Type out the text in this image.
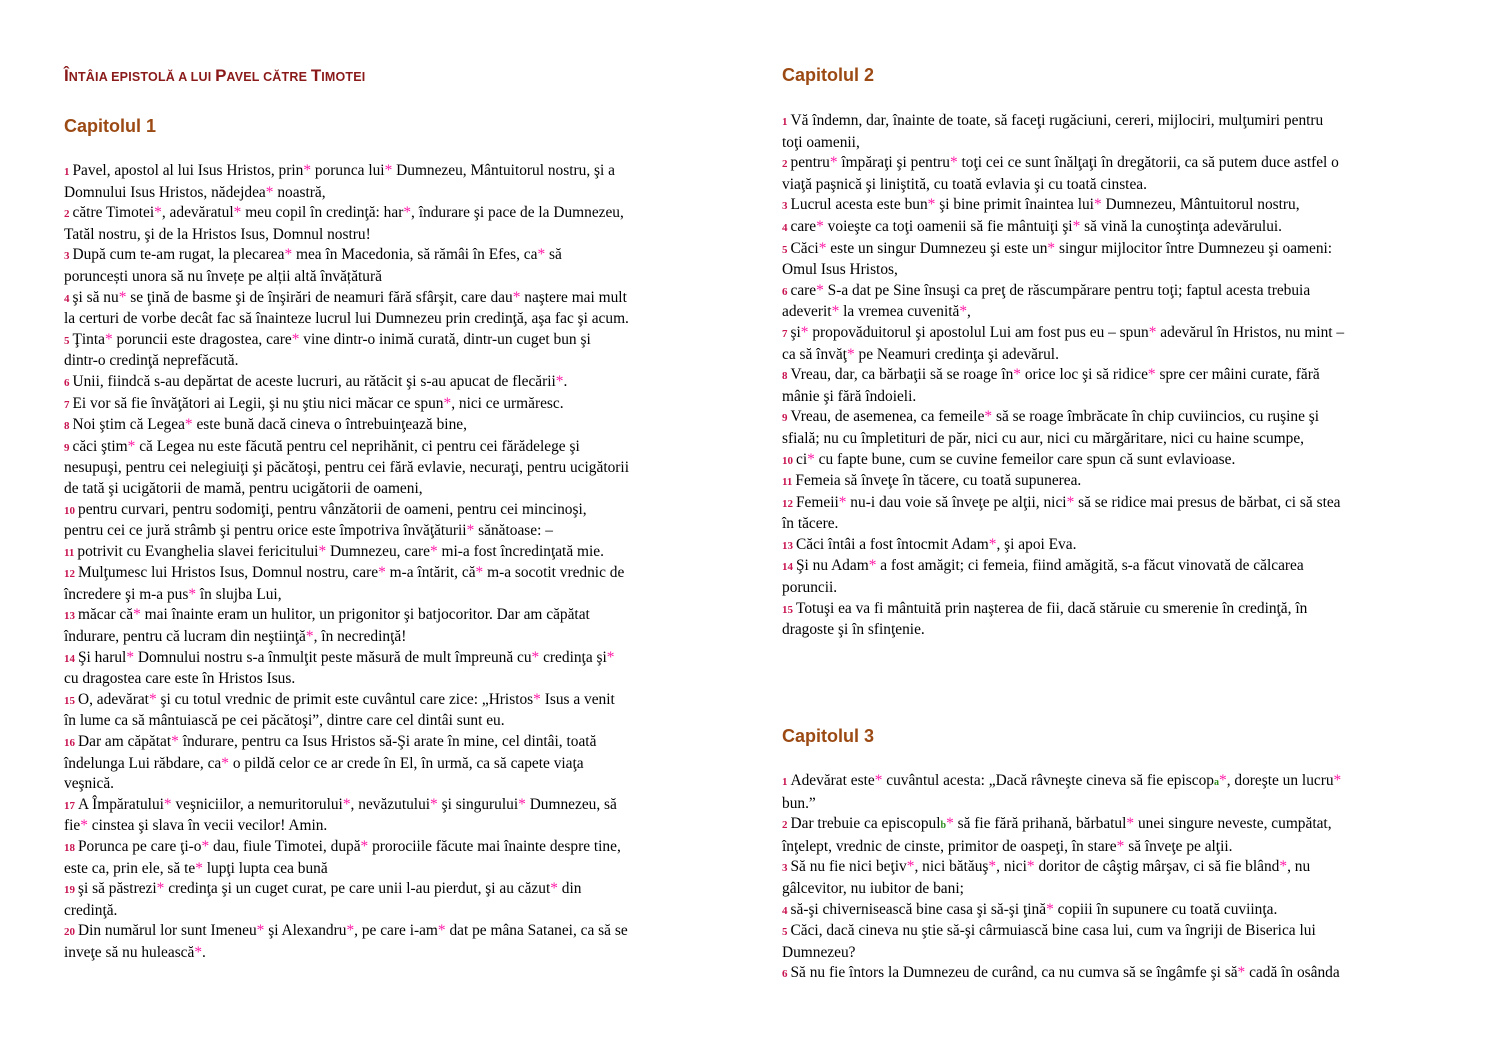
ÎNTÂIA EPISTOLĂ A LUI PAVEL CĂTRE TIMOTEI
Capitolul 1

1 Pavel, apostol al lui Isus Hristos, prin* porunca lui* Dumnezeu, Mântuitorul nostru, şi a
Domnului Isus Hristos, nădejdea* noastră,

2 către Timotei*, adevăratul* meu copil în credinţă: har*, îndurare şi pace de la Dumnezeu,
Tatăl nostru, şi de la Hristos Isus, Domnul nostru!

3 După cum te-am rugat, la plecarea* mea în Macedonia, să rămâi în Efes, ca* să
poruncești unora să nu învețe pe alții altă învățătură

4 şi să nu* se ţină de basme şi de înşirări de neamuri fără sfârşit, care dau* naştere mai mult
la certuri de vorbe decât fac să înainteze lucrul lui Dumnezeu prin credinţă, aşa fac şi acum.

5 Ţinta* poruncii este dragostea, care* vine dintr-o inimă curată, dintr-un cuget bun şi
dintr-o credinţă neprefăcută.

6 Unii, fiindcă s-au depărtat de aceste lucruri, au rătăcit şi s-au apucat de flecării*.

7 Ei vor să fie învăţători ai Legii, şi nu ştiu nici măcar ce spun*, nici ce urmăresc.

8 Noi ştim că Legea* este bună dacă cineva o întrebuinţează bine,

9 căci ştim* că Legea nu este făcută pentru cel neprihănit, ci pentru cei fărădelege şi
nesupuşi, pentru cei nelegiuiţi şi păcătoşi, pentru cei fără evlavie, necuraţi, pentru ucigătorii
de tată şi ucigătorii de mamă, pentru ucigătorii de oameni,

10 pentru curvari, pentru sodomiţi, pentru vânzătorii de oameni, pentru cei mincinoşi,
pentru cei ce jură strâmb şi pentru orice este împotriva învăţăturii* sănătoase: –

11 potrivit cu Evanghelia slavei fericitului* Dumnezeu, care* mi-a fost încredinţată mie.

12 Mulţumesc lui Hristos Isus, Domnul nostru, care* m-a întărit, că* m-a socotit vrednic de
încredere şi m-a pus* în slujba Lui,

13 măcar că* mai înainte eram un hulitor, un prigonitor şi batjocoritor. Dar am căpătat
îndurare, pentru că lucram din neştiinţă*, în necredinţă!

14 Şi harul* Domnului nostru s-a înmulţit peste măsură de mult împreună cu* credinţa şi*
cu dragostea care este în Hristos Isus.

15 O, adevărat* şi cu totul vrednic de primit este cuvântul care zice: „Hristos* Isus a venit
în lume ca să mântuiască pe cei păcătoşi”, dintre care cel dintâi sunt eu.

16 Dar am căpătat* îndurare, pentru ca Isus Hristos să-Şi arate în mine, cel dintâi, toată
îndelunga Lui răbdare, ca* o pildă celor ce ar crede în El, în urmă, ca să capete viaţa
veşnică.

17 A Împăratului* veşniciilor, a nemuritorului*, nevăzutului* şi singurului* Dumnezeu, să
fie* cinstea şi slava în vecii vecilor! Amin.

18 Porunca pe care ţi-o* dau, fiule Timotei, după* prorociile făcute mai înainte despre tine,
este ca, prin ele, să te* lupţi lupta cea bună

19 şi să păstrezi* credinţa şi un cuget curat, pe care unii l-au pierdut, şi au căzut* din
credinţă.

20 Din numărul lor sunt Imeneu* şi Alexandru*, pe care i-am* dat pe mâna Satanei, ca să se
inveţe să nu hulească*.

Capitolul 2

1 Vă îndemn, dar, înainte de toate, să faceţi rugăciuni, cereri, mijlociri, mulţumiri pentru
toţi oamenii,

2 pentru* împăraţi şi pentru* toţi cei ce sunt înălţaţi în dregătorii, ca să putem duce astfel o
viaţă paşnică şi liniştită, cu toată evlavia şi cu toată cinstea.

3 Lucrul acesta este bun* şi bine primit înaintea lui* Dumnezeu, Mântuitorul nostru,

4 care* voieşte ca toţi oamenii să fie mântuiţi şi* să vină la cunoştinţa adevărului.

5 Căci* este un singur Dumnezeu şi este un* singur mijlocitor între Dumnezeu şi oameni:
Omul Isus Hristos,

6 care* S-a dat pe Sine însuşi ca preţ de răscumpărare pentru toţi; faptul acesta trebuia
adeverit* la vremea cuvenită*,

7 şi* propovăduitorul şi apostolul Lui am fost pus eu – spun* adevărul în Hristos, nu mint –
ca să învăţ* pe Neamuri credinţa şi adevărul.

8 Vreau, dar, ca bărbaţii să se roage în* orice loc şi să ridice* spre cer mâini curate, fără
mânie şi fără îndoieli.

9 Vreau, de asemenea, ca femeile* să se roage îmbrăcate în chip cuviincios, cu ruşine şi
sfială; nu cu împletituri de păr, nici cu aur, nici cu mărgăritare, nici cu haine scumpe,

10 ci* cu fapte bune, cum se cuvine femeilor care spun că sunt evlavioase.

11 Femeia să înveţe în tăcere, cu toată supunerea.

12 Femeii* nu-i dau voie să înveţe pe alţii, nici* să se ridice mai presus de bărbat, ci să stea
în tăcere.

13 Căci întâi a fost întocmit Adam*, şi apoi Eva.

14 Şi nu Adam* a fost amăgit; ci femeia, fiind amăgită, s-a făcut vinovată de călcarea
poruncii.

15 Totuşi ea va fi mântuită prin naşterea de fii, dacă stăruie cu smerenie în credinţă, în
dragoste şi în sfinţenie.

Capitolul 3

1 Adevărat este* cuvântul acesta: „Dacă râvneşte cineva să fie episcopa*, doreşte un lucru*
bun.”

2 Dar trebuie ca episcopulb* să fie fără prihană, bărbatul* unei singure neveste, cumpătat,
înţelept, vrednic de cinste, primitor de oaspeţi, în stare* să înveţe pe alţii.

3 Să nu fie nici beţiv*, nici bătăuş*, nici* doritor de câştig mârşav, ci să fie blând*, nu
gâlcevitor, nu iubitor de bani;

4 să-şi chivernisească bine casa şi să-şi ţină* copiii în supunere cu toată cuviinţa.

5 Căci, dacă cineva nu ştie să-şi cârmuiască bine casa lui, cum va îngriji de Biserica lui
Dumnezeu?

6 Să nu fie întors la Dumnezeu de curând, ca nu cumva să se îngâmfe şi să* cadă în osânda
